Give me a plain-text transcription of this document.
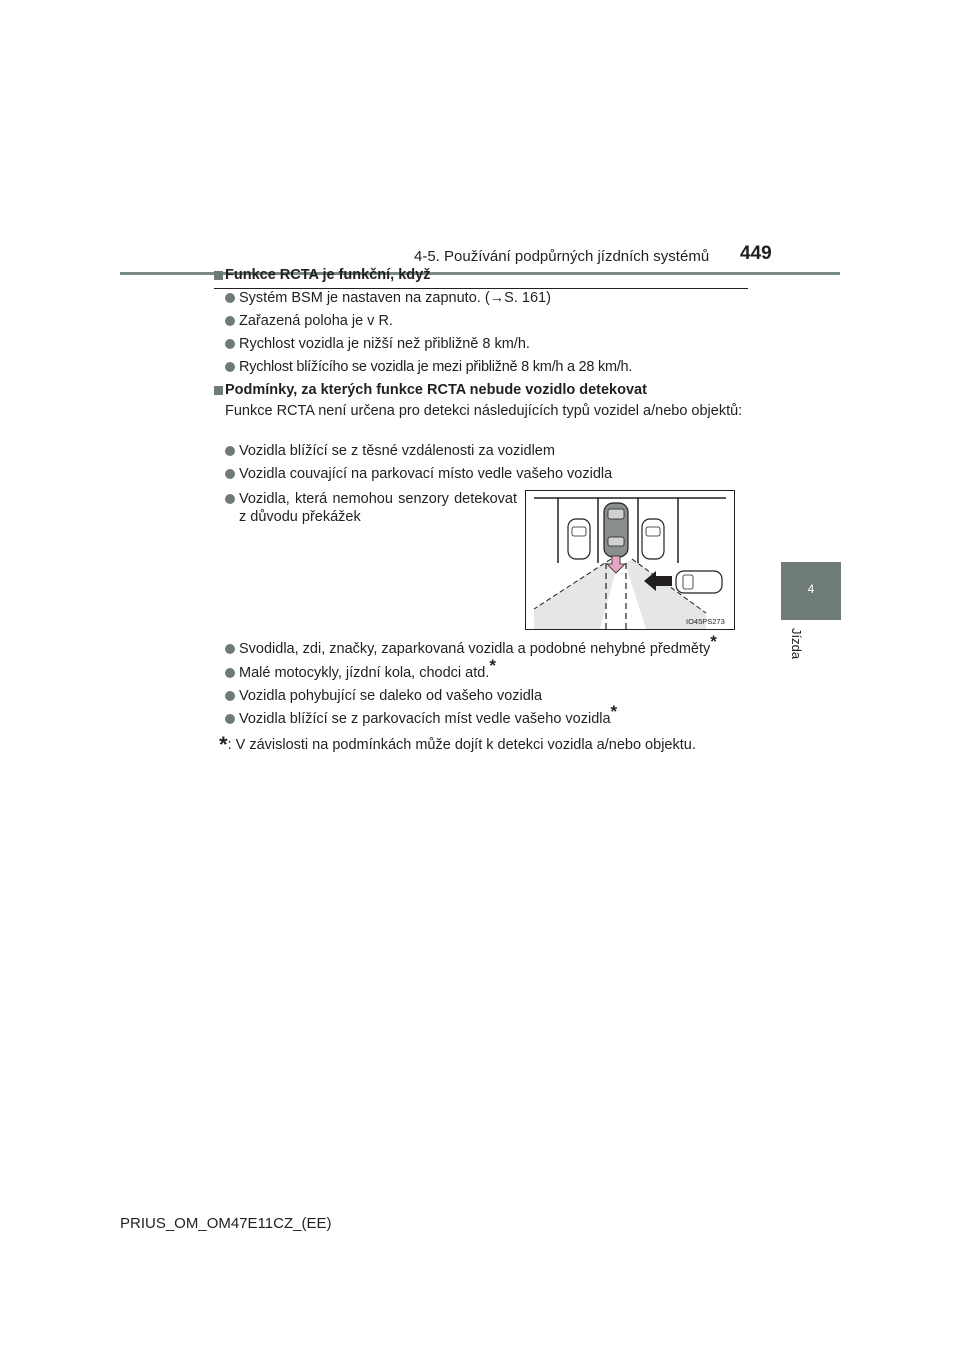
4-5. Používání podpůrných jízdních systémů 449
4
Jízda
Funkce RCTA je funkční, když
Systém BSM je nastaven na zapnuto. (→S. 161)
Zařazená poloha je v R.
Rychlost vozidla je nižší než přibližně 8 km/h.
Rychlost blížícího se vozidla je mezi přibližně 8 km/h a 28 km/h.
Podmínky, za kterých funkce RCTA nebude vozidlo detekovat
Funkce RCTA není určena pro detekci následujících typů vozidel a/nebo objektů:
Vozidla blížící se z těsné vzdálenosti za vozidlem
Vozidla couvající na parkovací místo vedle vašeho vozidla
Vozidla, která nemohou senzory detekovat z důvodu překážek
IO45PS273
Svodidla, zdi, značky, zaparkovaná vozidla a podobné nehybné předměty*
Malé motocykly, jízdní kola, chodci atd.*
Vozidla pohybující se daleko od vašeho vozidla
Vozidla blížící se z parkovacích míst vedle vašeho vozidla*
*: V závislosti na podmínkách může dojít k detekci vozidla a/nebo objektu.
PRIUS_OM_OM47E11CZ_(EE)
